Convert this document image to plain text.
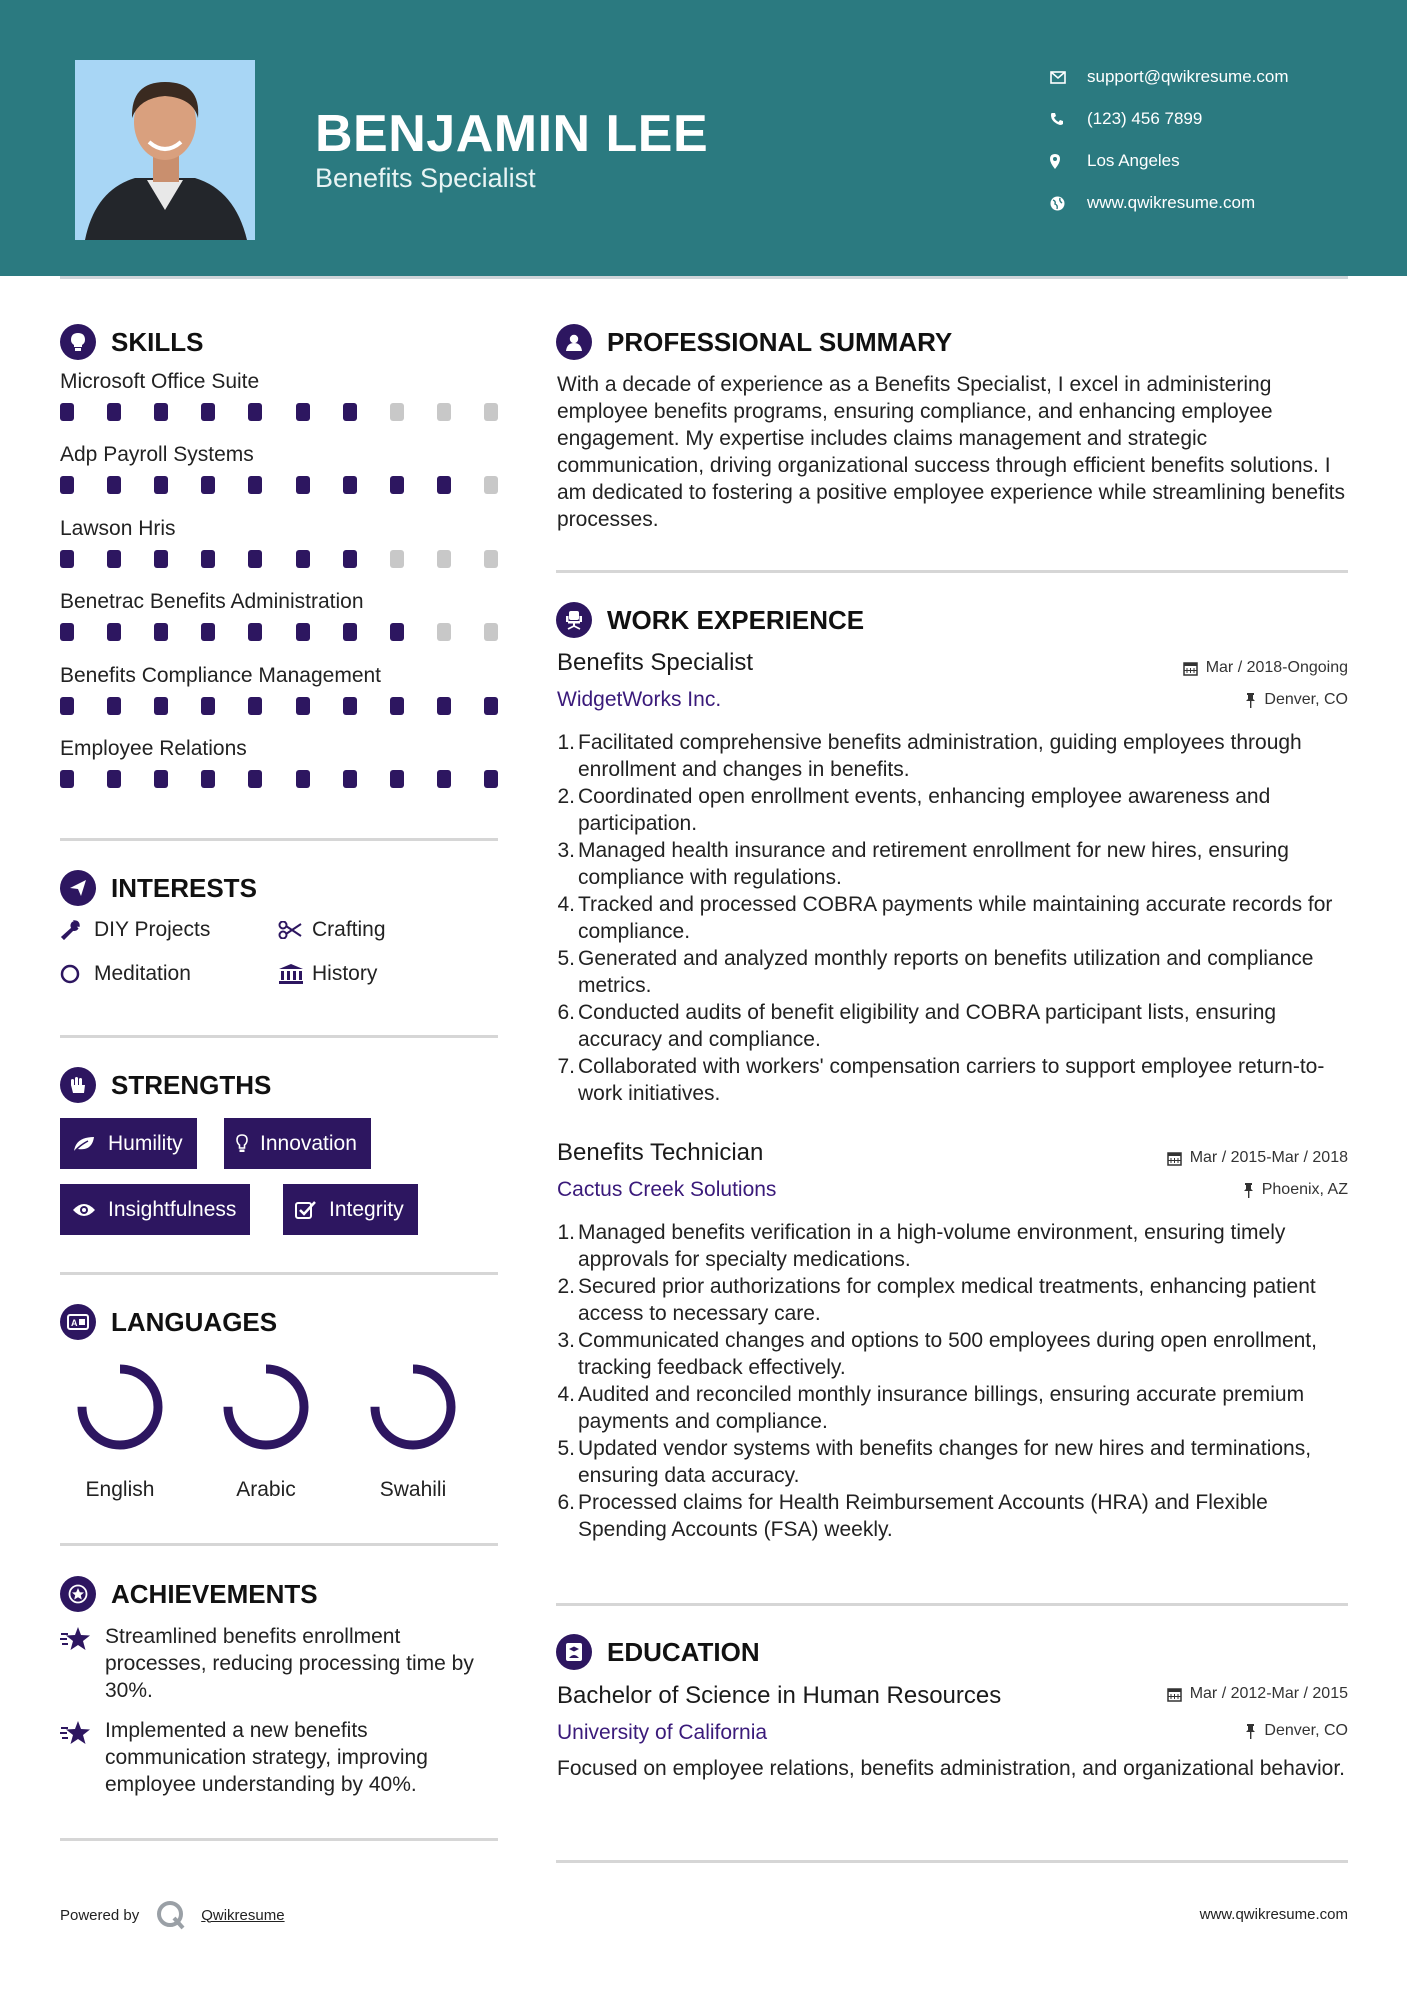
BENJAMIN LEE
Benefits Specialist
support@qwikresume.com
(123) 456 7899
Los Angeles
www.qwikresume.com
SKILLS
Microsoft Office Suite
Adp Payroll Systems
Lawson Hris
Benetrac Benefits Administration
Benefits Compliance Management
Employee Relations
INTERESTS
DIY Projects	Crafting
Meditation	History
STRENGTHS
Humility	Innovation
Insightfulness	Integrity
A LANGUAGES
English	Arabic	Swahili
ACHIEVEMENTS
Streamlined benefits enrollment processes, reducing processing time by 30%.
Implemented a new benefits communication strategy, improving employee understanding by 40%.
PROFESSIONAL SUMMARY
With a decade of experience as a Benefits Specialist, I excel in administering employee benefits programs, ensuring compliance, and enhancing employee engagement. My expertise includes claims management and strategic communication, driving organizational success through efficient benefits solutions. I am dedicated to fostering a positive employee experience while streamlining benefits processes.
WORK EXPERIENCE
Benefits Specialist	Mar / 2018-Ongoing
WidgetWorks Inc.	Denver, CO
1. Facilitated comprehensive benefits administration, guiding employees through enrollment and changes in benefits.
2. Coordinated open enrollment events, enhancing employee awareness and participation.
3. Managed health insurance and retirement enrollment for new hires, ensuring compliance with regulations.
4. Tracked and processed COBRA payments while maintaining accurate records for compliance.
5. Generated and analyzed monthly reports on benefits utilization and compliance metrics.
6. Conducted audits of benefit eligibility and COBRA participant lists, ensuring accuracy and compliance.
7. Collaborated with workers' compensation carriers to support employee return-to-work initiatives.
Benefits Technician	Mar / 2015-Mar / 2018
Cactus Creek Solutions	Phoenix, AZ
1. Managed benefits verification in a high-volume environment, ensuring timely approvals for specialty medications.
2. Secured prior authorizations for complex medical treatments, enhancing patient access to necessary care.
3. Communicated changes and options to 500 employees during open enrollment, tracking feedback effectively.
4. Audited and reconciled monthly insurance billings, ensuring accurate premium payments and compliance.
5. Updated vendor systems with benefits changes for new hires and terminations, ensuring data accuracy.
6. Processed claims for Health Reimbursement Accounts (HRA) and Flexible Spending Accounts (FSA) weekly.
EDUCATION
Bachelor of Science in Human Resources	Mar / 2012-Mar / 2015
University of California	Denver, CO
Focused on employee relations, benefits administration, and organizational behavior.
Powered by	Qwikresume	www.qwikresume.com
